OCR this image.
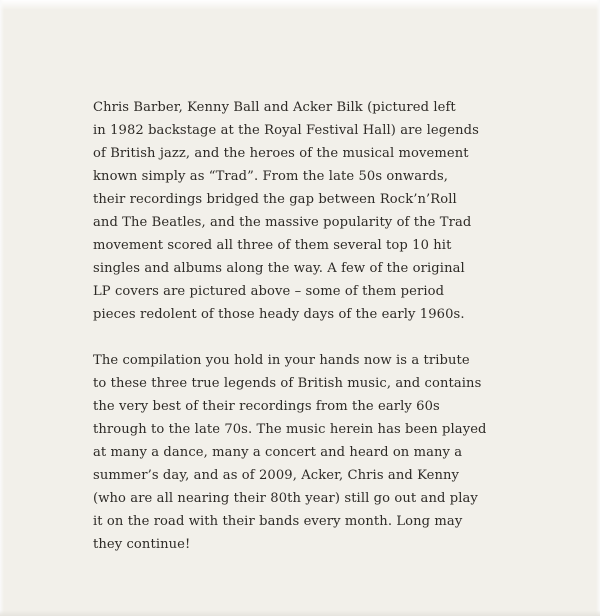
Chris Barber, Kenny Ball and Acker Bilk (pictured left
in 1982 backstage at the Royal Festival Hall) are legends
of British jazz, and the heroes of the musical movement
known simply as “Trad”. From the late 50s onwards,
their recordings bridged the gap between Rock’n’Roll
and The Beatles, and the massive popularity of the Trad
movement scored all three of them several top 10 hit
singles and albums along the way. A few of the original
LP covers are pictured above – some of them period
pieces redolent of those heady days of the early 1960s.

The compilation you hold in your hands now is a tribute
to these three true legends of British music, and contains
the very best of their recordings from the early 60s
through to the late 70s. The music herein has been played
at many a dance, many a concert and heard on many a
summer’s day, and as of 2009, Acker, Chris and Kenny
(who are all nearing their 80th year) still go out and play
it on the road with their bands every month. Long may
they continue!
